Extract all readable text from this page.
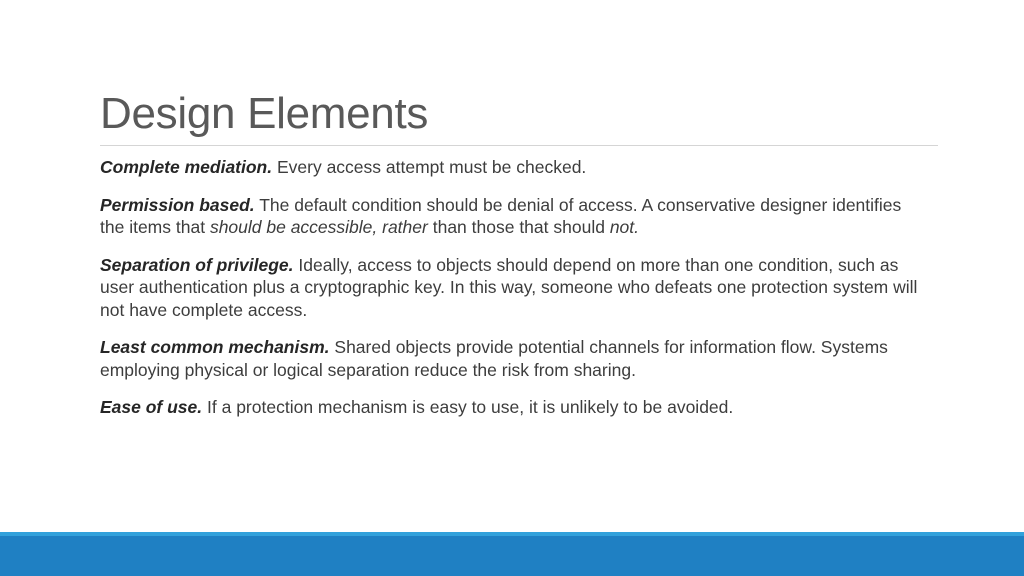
Design Elements

Complete mediation. Every access attempt must be checked.

Permission based. The default condition should be denial of access. A conservative designer identifies the items that should be accessible, rather than those that should not.

Separation of privilege. Ideally, access to objects should depend on more than one condition, such as user authentication plus a cryptographic key. In this way, someone who defeats one protection system will not have complete access.

Least common mechanism. Shared objects provide potential channels for information flow. Systems employing physical or logical separation reduce the risk from sharing.

Ease of use. If a protection mechanism is easy to use, it is unlikely to be avoided.
